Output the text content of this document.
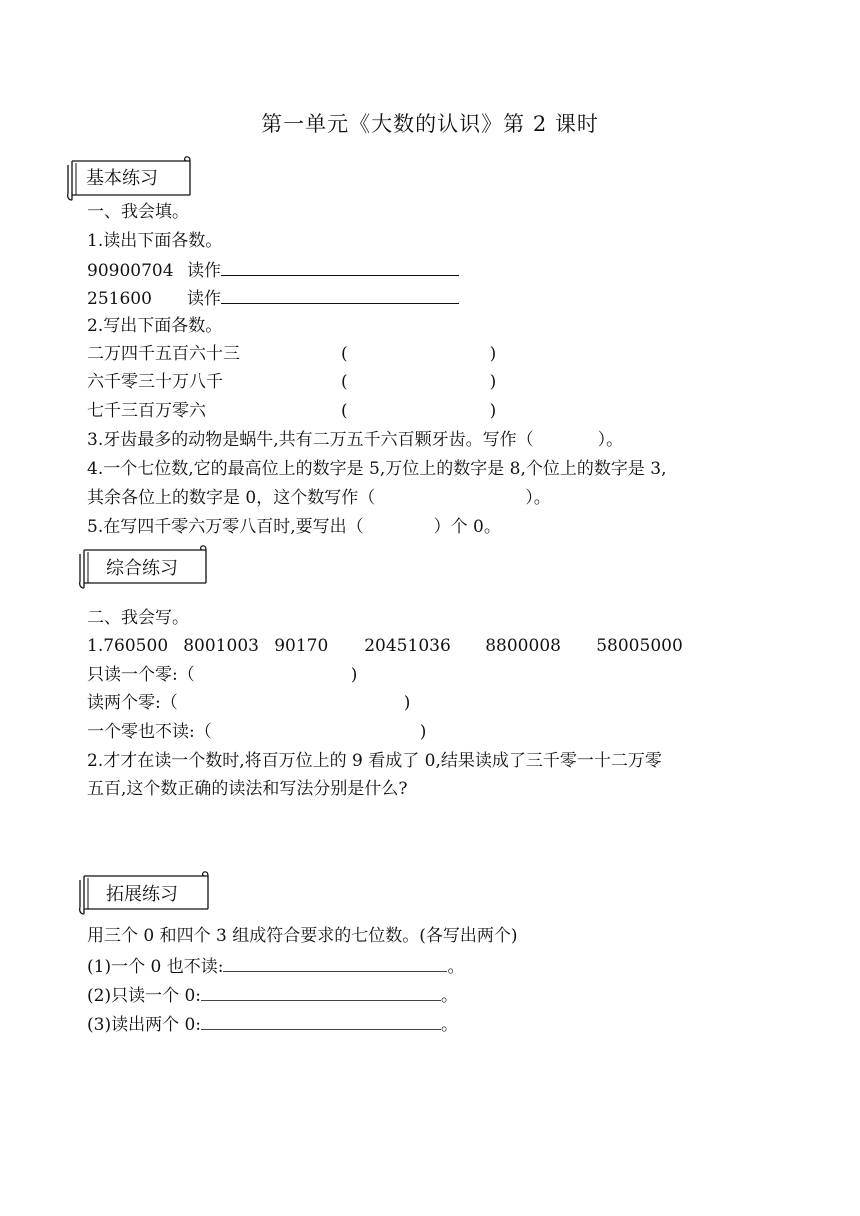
第一单元《大数的认识》第 2 课时
基本练习
一、我会填。
1.读出下面各数。
90900704 读作
251600 读作
2.写出下面各数。
二万四千五百六十三	(	)
六千零三十万八千	(	)
七千三百万零六	(	)
3.牙齿最多的动物是蜗牛,共有二万五千六百颗牙齿。写作（	）。
4.一个七位数,它的最高位上的数字是 5,万位上的数字是 8,个位上的数字是 3,
其余各位上的数字是 0，这个数写作（	）。
5.在写四千零六万零八百时,要写出（	）个 0。
综合练习
二、我会写。
1.760500 8001003 90170 20451036 8800008 58005000
只读一个零:（	)
读两个零:（	)
一个零也不读:（	)
2.才才在读一个数时,将百万位上的 9 看成了 0,结果读成了三千零一十二万零
五百,这个数正确的读法和写法分别是什么?
拓展练习
用三个 0 和四个 3 组成符合要求的七位数。(各写出两个)
(1)一个 0 也不读:	。
(2)只读一个 0:	。
(3)读出两个 0:	。
